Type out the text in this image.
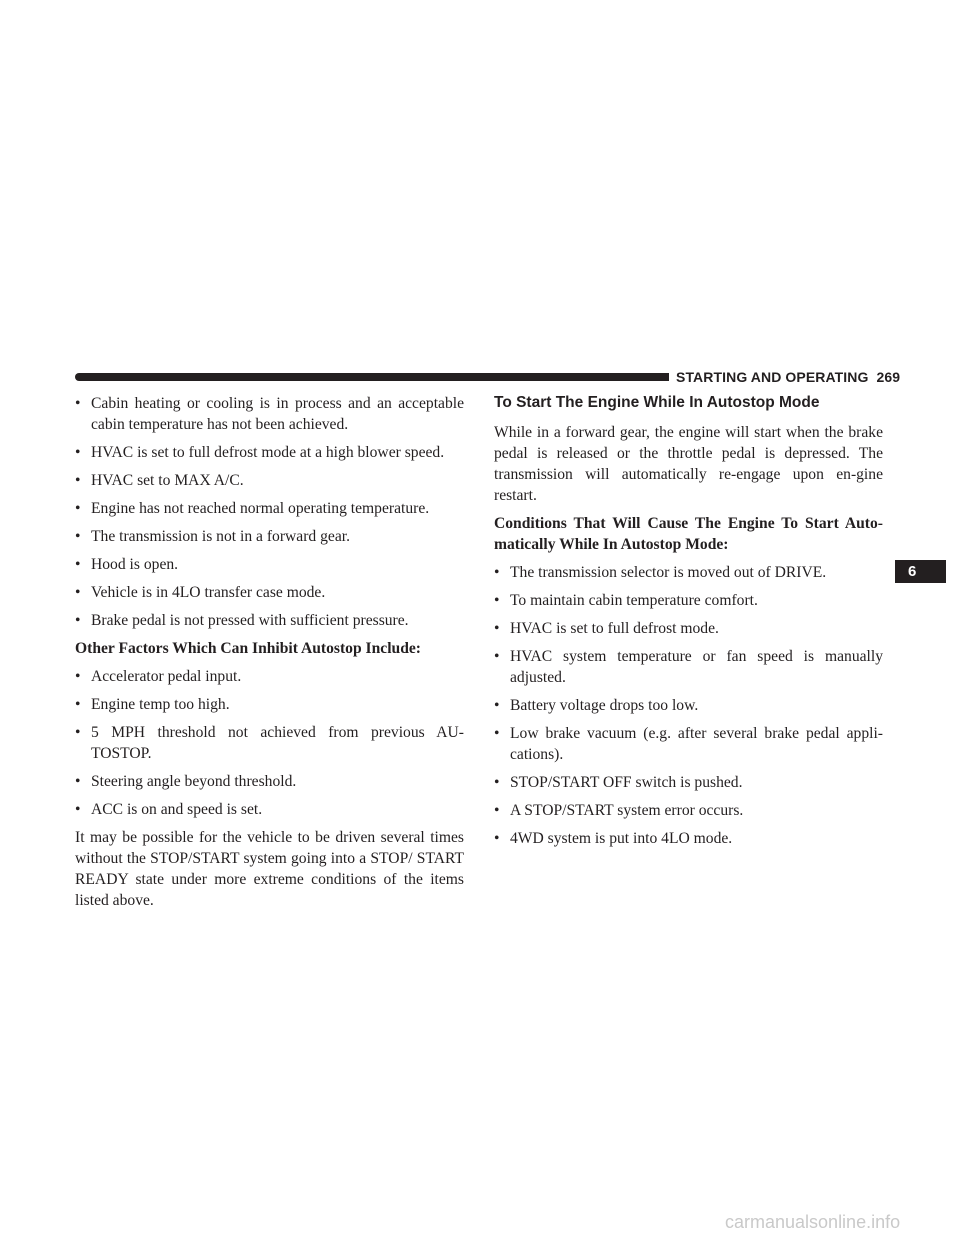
STARTING AND OPERATING 269
• Cabin heating or cooling is in process and an acceptable cabin temperature has not been achieved.
• HVAC is set to full defrost mode at a high blower speed.
• HVAC set to MAX A/C.
• Engine has not reached normal operating temperature.
• The transmission is not in a forward gear.
• Hood is open.
• Vehicle is in 4LO transfer case mode.
• Brake pedal is not pressed with sufficient pressure.
Other Factors Which Can Inhibit Autostop Include:
• Accelerator pedal input.
• Engine temp too high.
• 5 MPH threshold not achieved from previous AU-TOSTOP.
• Steering angle beyond threshold.
• ACC is on and speed is set.

It may be possible for the vehicle to be driven several times without the STOP/START system going into a STOP/ START READY state under more extreme conditions of the items listed above.

To Start The Engine While In Autostop Mode

While in a forward gear, the engine will start when the brake pedal is released or the throttle pedal is depressed. The transmission will automatically re-engage upon en-gine restart.

Conditions That Will Cause The Engine To Start Auto-matically While In Autostop Mode:
• The transmission selector is moved out of DRIVE.
• To maintain cabin temperature comfort.
• HVAC is set to full defrost mode.
• HVAC system temperature or fan speed is manually adjusted.
• Battery voltage drops too low.
• Low brake vacuum (e.g. after several brake pedal appli-cations).
• STOP/START OFF switch is pushed.
• A STOP/START system error occurs.
• 4WD system is put into 4LO mode.
6
carmanualsonline.info
